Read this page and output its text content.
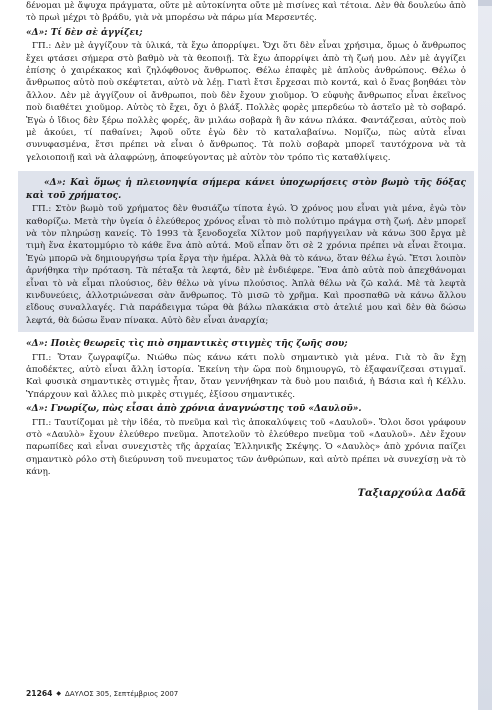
δένομαι μὲ ἄψυχα πράγματα, οὔτε μὲ αὐτοκίνητα οὔτε μὲ πισίνες καὶ τέτοια. Δὲν θὰ δουλεύω ἀπὸ τὸ πρωὶ μέχρι τὸ βράδυ, γιὰ νὰ μπορέσω νὰ πάρω μία Μερσεντές.

«Δ»: Τί δὲν σὲ ἀγγίζει;

ΓΠ.: Δὲν μὲ ἀγγίζουν τὰ ὑλικά, τὰ ἔχω ἀπορρίψει. Ὄχι ὅτι δὲν εἶναι χρήσιμα, ὅμως ὁ ἄνθρωπος ἔχει φτάσει σήμερα στὸ βαθμὸ νὰ τὰ θεοποιῇ. Τὰ ἔχω ἀπορρίψει ἀπὸ τὴ ζωή μου. Δὲν μὲ ἀγγίζει ἐπίσης ὁ χαιρέκακος καὶ ζηλόφθονος ἄνθρωπος. Θέλω ἐπαφὲς μὲ ἁπλοὺς ἀνθρώπους. Θέλω ὁ ἄνθρωπος αὐτὸ ποὺ σκέφτεται, αὐτὸ νὰ λέῃ. Γιατὶ ἔτσι ἔρχεσαι πιὸ κοντά, καὶ ὁ ἕνας βοηθάει τὸν ἄλλον. Δὲν μὲ ἀγγίζουν οἱ ἄνθρωποι, ποὺ δὲν ἔχουν χιοῦμορ. Ὁ εὐφυὴς ἄνθρωπος εἶναι ἐκεῖνος ποὺ διαθέτει χιοῦμορ. Αὐτὸς τὸ ἔχει, ὄχι ὁ βλάξ. Πολλὲς φορὲς μπερδεύω τὸ ἀστεῖο μὲ τὸ σοβαρό. Ἐγὼ ὁ ἴδιος δὲν ξέρω πολλὲς φορές, ἂν μιλάω σοβαρὰ ἢ ἂν κάνω πλάκα. Φαντάζεσαι, αὐτὸς ποὺ μὲ ἀκούει, τί παθαίνει; Ἀφοῦ οὔτε ἐγὼ δὲν τὸ καταλαβαίνω. Νομίζω, πὼς αὐτὰ εἶναι συνυφασμένα, ἔτσι πρέπει νὰ εἶναι ὁ ἄνθρωπος. Τὰ πολὺ σοβαρὰ μπορεῖ ταυτόχρονα νὰ τὰ γελοιοποιῇ καὶ νὰ ἀλαφρώνῃ, ἀποφεύγοντας μὲ αὐτὸν τὸν τρόπο τὶς καταθλίψεις.

«Δ»: Καὶ ὅμως ἡ πλειονηψία σήμερα κάνει ὑποχωρήσεις στὸν βωμὸ τῆς δόξας καὶ τοῦ χρήματος.

ΓΠ.: Στὸν βωμὸ τοῦ χρήματος δὲν θυσιάζω τίποτα ἐγώ. Ὁ χρόνος μου εἶναι γιὰ μένα, ἐγὼ τὸν καθορίζω. Μετὰ τὴν ὑγεία ὁ ἐλεύθερος χρόνος εἶναι τὸ πιὸ πολύτιμο πράγμα στὴ ζωή. Δὲν μπορεῖ νὰ τὸν πληρώσῃ κανείς. Τὸ 1993 τὰ ξενοδοχεῖα Χίλτον μοῦ παρήγγειλαν νὰ κάνω 300 ἔργα μὲ τιμὴ ἕνα ἑκατομμύριο τὸ κάθε ἕνα ἀπὸ αὐτά. Μοῦ εἶπαν ὅτι σὲ 2 χρόνια πρέπει νὰ εἶναι ἕτοιμα. Ἐγὼ μπορῶ νὰ δημιουργήσω τρία ἔργα τὴν ἡμέρα. Ἀλλὰ θὰ τὸ κάνω, ὅταν θέλω ἐγώ. Ἔτσι λοιπὸν ἀρνήθηκα τὴν πρόταση. Τὰ πέταξα τὰ λεφτά, δὲν μὲ ἐνδιέφερε. Ἕνα ἀπὸ αὐτὰ ποὺ ἀπεχθάνομαι εἶναι τὸ νὰ εἶμαι πλούσιος, δὲν θέλω νὰ γίνω πλούσιος. Ἁπλὰ θέλω νὰ ζῶ καλά. Μὲ τὰ λεφτὰ κινδυνεύεις, ἀλλοτριώνεσαι σὰν ἄνθρωπος. Τὸ μισῶ τὸ χρῆμα. Καὶ προσπαθῶ νὰ κάνω ἄλλου εἴδους συναλλαγές. Γιὰ παράδειγμα τώρα θὰ βάλω πλακάκια στὸ ἀτελιέ μου καὶ δὲν θὰ δώσω λεφτά, θὰ δώσω ἕναν πίνακα. Αὐτὸ δὲν εἶναι ἀναρχία;

«Δ»: Ποιὲς θεωρεῖς τὶς πιὸ σημαντικὲς στιγμὲς τῆς ζωῆς σου;

ΓΠ.: Ὅταν ζωγραφίζω. Νιώθω πὼς κάνω κάτι πολὺ σημαντικὸ γιὰ μένα. Γιὰ τὸ ἂν ἔχῃ ἀποδέκτες, αὐτὸ εἶναι ἄλλη ἱστορία. Ἐκείνη τὴν ὥρα ποὺ δημιουργῶ, τὸ ἐξαφανίζεσαι στιγμαῖ. Καὶ φυσικὰ σημαντικὲς στιγμὲς ἦταν, ὅταν γεννήθηκαν τὰ δυὸ μου παιδιά, ἡ Βάσια καὶ ἡ Κέλλυ. Ὑπάρχουν καὶ ἄλλες πιὸ μικρὲς στιγμές, ἐξίσου σημαντικές.

«Δ»: Γνωρίζω, πὼς εἶσαι ἀπὸ χρόνια ἀναγνώστης τοῦ «Δαυλοῦ».

ΓΠ.: Ταυτίζομαι μὲ τὴν ἰδέα, τὸ πνεῦμα καὶ τὶς ἀποκαλύψεις τοῦ «Δαυλοῦ». Ὅλοι ὅσοι γράφουν στὸ «Δαυλὸ» ἔχουν ἐλεύθερο πνεῦμα. Ἀποτελοῦν τὸ ἐλεύθερο πνεῦμα τοῦ «Δαυλοῦ». Δὲν ἔχουν παρωπίδες καὶ εἶναι συνεχιστὲς τῆς ἀρχαίας Ἑλληνικῆς Σκέψης. Ὁ «Δαυλὸς» ἀπὸ χρόνια παίζει σημαντικὸ ρόλο στὴ διεύρυνση τοῦ πνευματος τῶν ἀνθρώπων, καὶ αὐτὸ πρέπει νὰ συνεχίσῃ νὰ τὸ κάνῃ.

Ταξιαρχούλα Δαδᾶ

21264 ◆ ΔΑΥΛΟΣ 305, Σεπτέμβριος 2007
